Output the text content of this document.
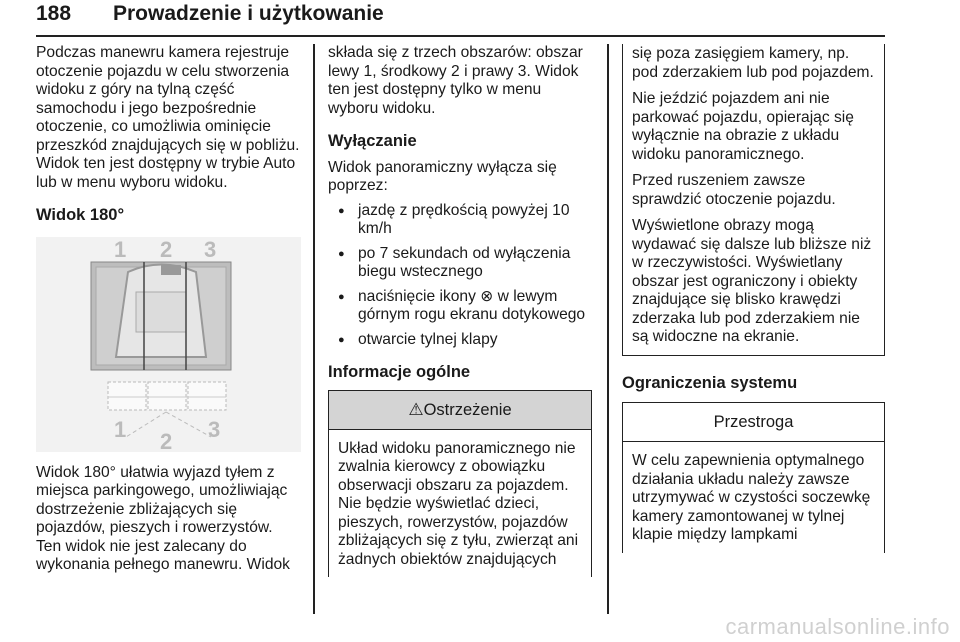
188 Prowadzenie i użytkowanie

Podczas manewru kamera rejestruje otoczenie pojazdu w celu stworzenia widoku z góry na tylną część samochodu i jego bezpośrednie otoczenie, co umożliwia ominięcie przeszkód znajdujących się w pobliżu. Widok ten jest dostępny w trybie Auto lub w menu wyboru widoku.

Widok 180°

1 2 3
1 2 3

Widok 180° ułatwia wyjazd tyłem z miejsca parkingowego, umożliwiając dostrzeżenie zbliżających się pojazdów, pieszych i rowerzystów. Ten widok nie jest zalecany do wykonania pełnego manewru. Widok

składa się z trzech obszarów: obszar lewy 1, środkowy 2 i prawy 3. Widok ten jest dostępny tylko w menu wyboru widoku.

Wyłączanie

Widok panoramiczny wyłącza się poprzez:

● jazdę z prędkością powyżej 10 km/h

● po 7 sekundach od wyłączenia biegu wstecznego

● naciśnięcie ikony ⊗ w lewym górnym rogu ekranu dotykowego

● otwarcie tylnej klapy

Informacje ogólne

⚠Ostrzeżenie

Układ widoku panoramicznego nie zwalnia kierowcy z obowiązku obserwacji obszaru za pojazdem. Nie będzie wyświetlać dzieci, pieszych, rowerzystów, pojazdów zbliżających się z tyłu, zwierząt ani żadnych obiektów znajdujących

się poza zasięgiem kamery, np. pod zderzakiem lub pod pojazdem.

Nie jeździć pojazdem ani nie parkować pojazdu, opierając się wyłącznie na obrazie z układu widoku panoramicznego.

Przed ruszeniem zawsze sprawdzić otoczenie pojazdu.

Wyświetlone obrazy mogą wydawać się dalsze lub bliższe niż w rzeczywistości. Wyświetlany obszar jest ograniczony i obiekty znajdujące się blisko krawędzi zderzaka lub pod zderzakiem nie są widoczne na ekranie.

Ograniczenia systemu

Przestroga

W celu zapewnienia optymalnego działania układu należy zawsze utrzymywać w czystości soczewkę kamery zamontowanej w tylnej klapie między lampkami

carmanualsonline.info
